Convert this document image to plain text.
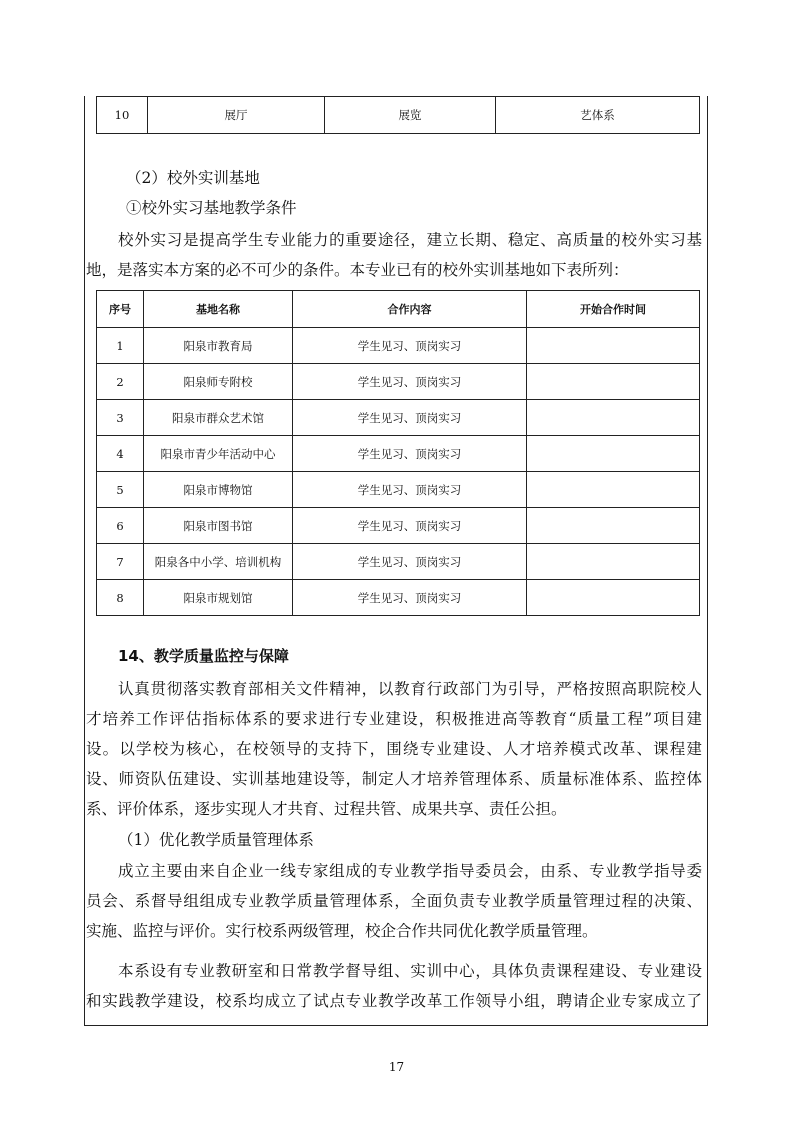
10	展厅	展览	艺体系
（2）校外实训基地
①校外实习基地教学条件
校外实习是提高学生专业能力的重要途径，建立长期、稳定、高质量的校外实习基
地，是落实本方案的必不可少的条件。本专业已有的校外实训基地如下表所列：
序号	基地名称	合作内容	开始合作时间
1	阳泉市教育局	学生见习、顶岗实习	
2	阳泉师专附校	学生见习、顶岗实习	
3	阳泉市群众艺术馆	学生见习、顶岗实习	
4	阳泉市青少年活动中心	学生见习、顶岗实习	
5	阳泉市博物馆	学生见习、顶岗实习	
6	阳泉市图书馆	学生见习、顶岗实习	
7	阳泉各中小学、培训机构	学生见习、顶岗实习	
8	阳泉市规划馆	学生见习、顶岗实习	
14、教学质量监控与保障
认真贯彻落实教育部相关文件精神，以教育行政部门为引导，严格按照高职院校人
才培养工作评估指标体系的要求进行专业建设，积极推进高等教育“质量工程”项目建
设。以学校为核心，在校领导的支持下，围绕专业建设、人才培养模式改革、课程建
设、师资队伍建设、实训基地建设等，制定人才培养管理体系、质量标准体系、监控体
系、评价体系，逐步实现人才共育、过程共管、成果共享、责任公担。
（1）优化教学质量管理体系
成立主要由来自企业一线专家组成的专业教学指导委员会，由系、专业教学指导委
员会、系督导组组成专业教学质量管理体系，全面负责专业教学质量管理过程的决策、
实施、监控与评价。实行校系两级管理，校企合作共同优化教学质量管理。
本系设有专业教研室和日常教学督导组、实训中心，具体负责课程建设、专业建设
和实践教学建设，校系均成立了试点专业教学改革工作领导小组，聘请企业专家成立了
17
